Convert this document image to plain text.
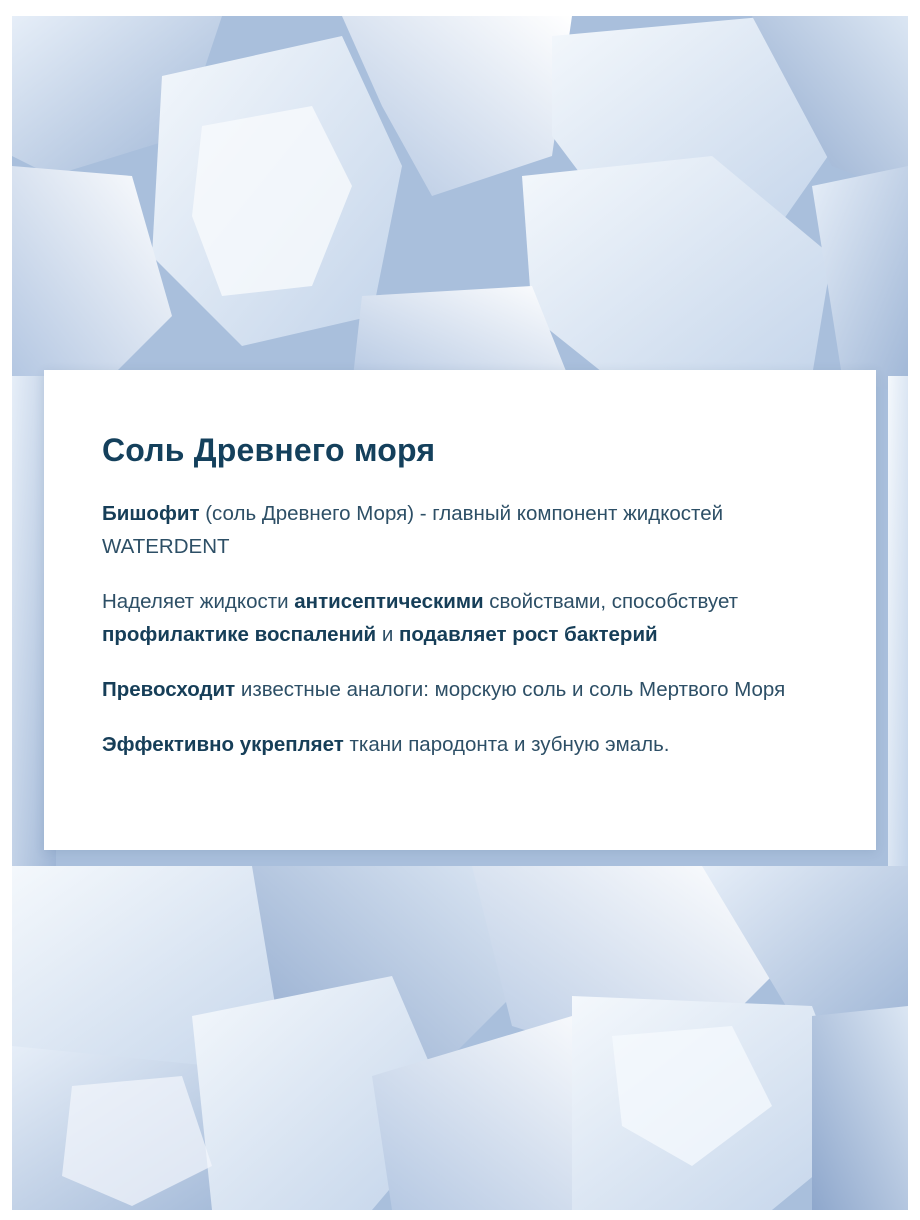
Соль Древнего моря

Бишофит (соль Древнего Моря) - главный компонент жидкостей WATERDENT

Наделяет жидкости антисептическими свойствами, способствует профилактике воспалений и подавляет рост бактерий

Превосходит известные аналоги: морскую соль и соль Мертвого Моря

Эффективно укрепляет ткани пародонта и зубную эмаль.
